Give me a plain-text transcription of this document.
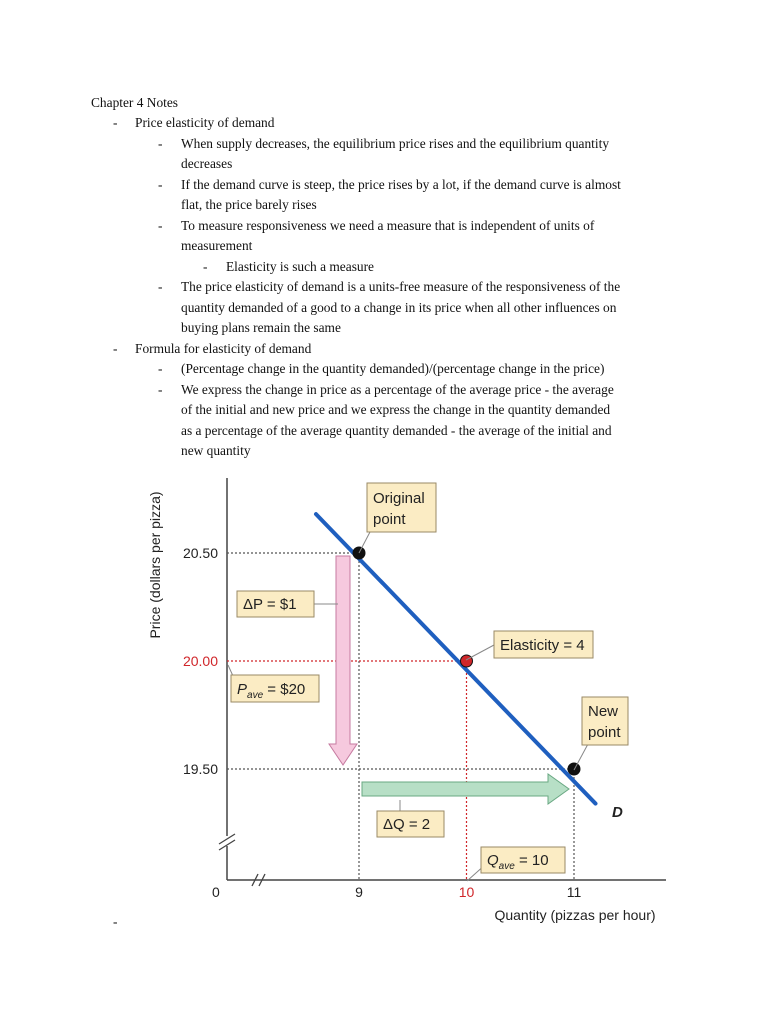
Chapter 4 Notes
- Price elasticity of demand
- When supply decreases, the equilibrium price rises and the equilibrium quantity
decreases
- If the demand curve is steep, the price rises by a lot, if the demand curve is almost
flat, the price barely rises
- To measure responsiveness we need a measure that is independent of units of
measurement
- Elasticity is such a measure
- The price elasticity of demand is a units-free measure of the responsiveness of the
quantity demanded of a good to a change in its price when all other influences on
buying plans remain the same
- Formula for elasticity of demand
- (Percentage change in the quantity demanded)/(percentage change in the price)
- We express the change in price as a percentage of the average price - the average
of the initial and new price and we express the change in the quantity demanded
as a percentage of the average quantity demanded - the average of the initial and
new quantity
0
Price (dollars per pizza)
Quantity (pizzas per hour)
20.50
20.00
19.50
9	10	11
Original
point
ΔP = $1
Elasticity = 4
$P_{ave}$ = $20
New
point
ΔQ = 2
$Q_{ave} = 10$
D
-
